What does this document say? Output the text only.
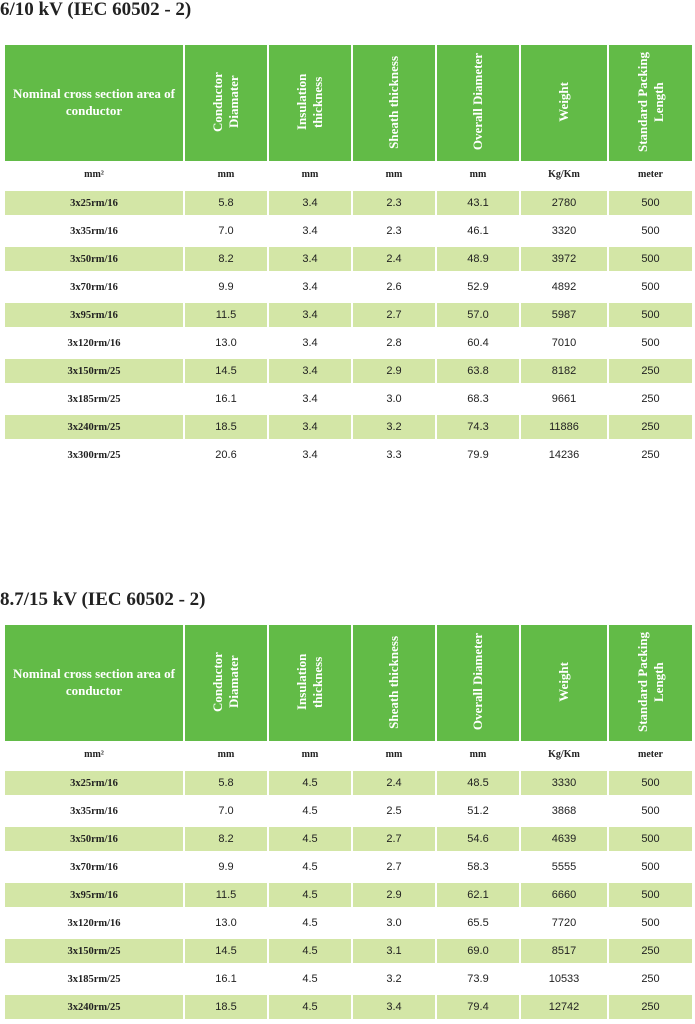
6/10 kV (IEC 60502 - 2)
Nominal cross section area of conductor	Conductor Diamater	Insulation thickness	Sheath thickness	Overall Diameter	Weight	Standard Packing Length

mm²	mm	mm	mm	mm	Kg/Km	meter

3x25rm/16	5.8	3.4	2.3	43.1	2780	500
3x35rm/16	7.0	3.4	2.3	46.1	3320	500
3x50rm/16	8.2	3.4	2.4	48.9	3972	500
3x70rm/16	9.9	3.4	2.6	52.9	4892	500
3x95rm/16	11.5	3.4	2.7	57.0	5987	500
3x120rm/16	13.0	3.4	2.8	60.4	7010	500
3x150rm/25	14.5	3.4	2.9	63.8	8182	250
3x185rm/25	16.1	3.4	3.0	68.3	9661	250
3x240rm/25	18.5	3.4	3.2	74.3	11886	250
3x300rm/25	20.6	3.4	3.3	79.9	14236	250
8.7/15 kV (IEC 60502 - 2)
Nominal cross section area of conductor	Conductor Diamater	Insulation thickness	Sheath thickness	Overall Diameter	Weight	Standard Packing Length

mm²	mm	mm	mm	mm	Kg/Km	meter

3x25rm/16	5.8	4.5	2.4	48.5	3330	500
3x35rm/16	7.0	4.5	2.5	51.2	3868	500
3x50rm/16	8.2	4.5	2.7	54.6	4639	500
3x70rm/16	9.9	4.5	2.7	58.3	5555	500
3x95rm/16	11.5	4.5	2.9	62.1	6660	500
3x120rm/16	13.0	4.5	3.0	65.5	7720	500
3x150rm/25	14.5	4.5	3.1	69.0	8517	250
3x185rm/25	16.1	4.5	3.2	73.9	10533	250
3x240rm/25	18.5	4.5	3.4	79.4	12742	250
